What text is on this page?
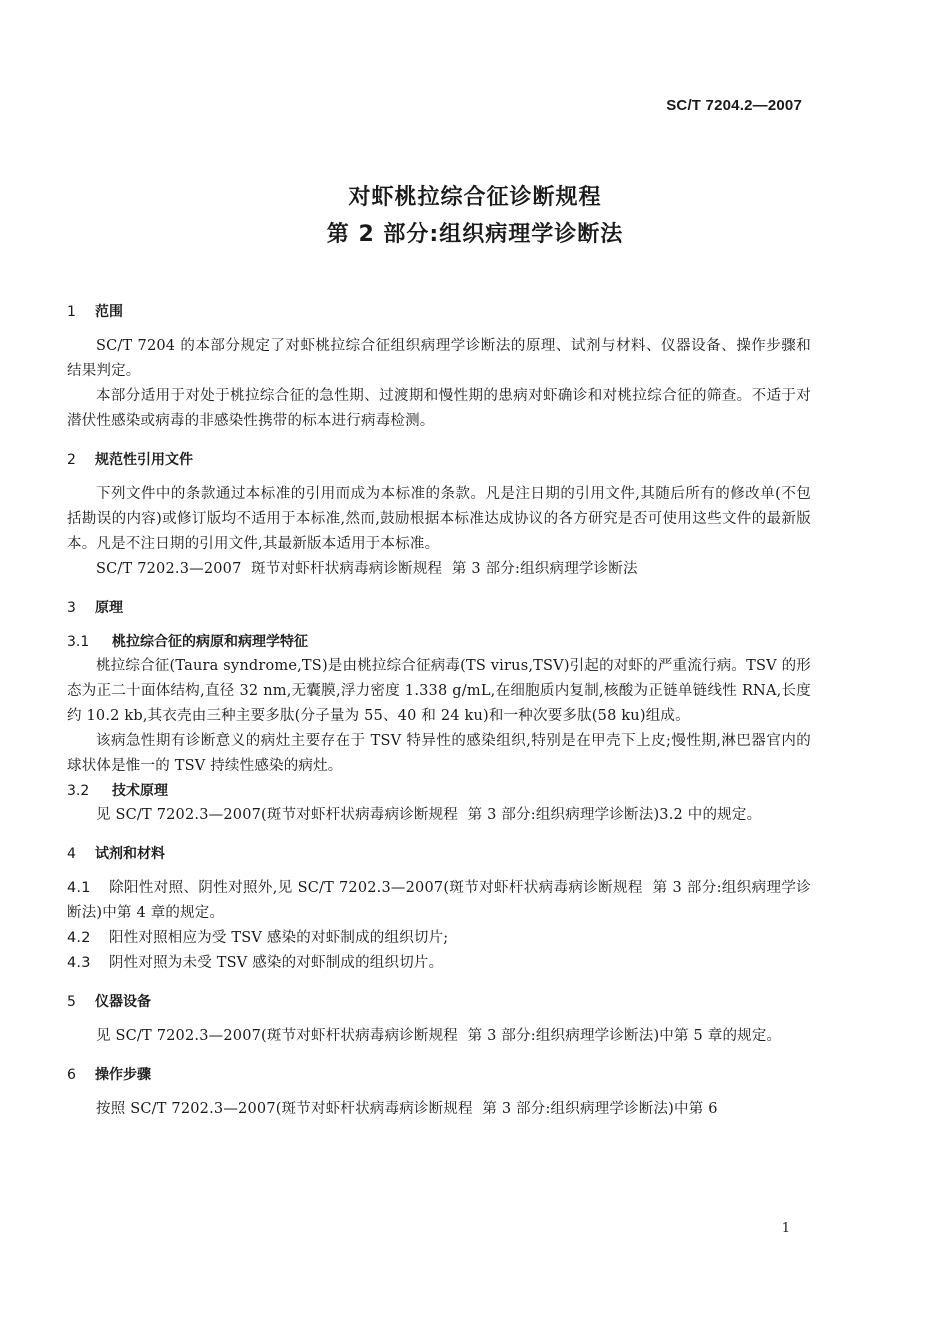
SC/T 7204.2—2007
对虾桃拉综合征诊断规程
第 2 部分:组织病理学诊断法
1 范围

SC/T 7204 的本部分规定了对虾桃拉综合征组织病理学诊断法的原理、试剂与材料、仪器设备、操作步骤和结果判定。

本部分适用于对处于桃拉综合征的急性期、过渡期和慢性期的患病对虾确诊和对桃拉综合征的筛查。不适于对潜伏性感染或病毒的非感染性携带的标本进行病毒检测。

2 规范性引用文件

下列文件中的条款通过本标准的引用而成为本标准的条款。凡是注日期的引用文件,其随后所有的修改单(不包括勘误的内容)或修订版均不适用于本标准,然而,鼓励根据本标准达成协议的各方研究是否可使用这些文件的最新版本。凡是不注日期的引用文件,其最新版本适用于本标准。

SC/T 7202.3—2007  斑节对虾杆状病毒病诊断规程  第 3 部分:组织病理学诊断法

3 原理
3.1 桃拉综合征的病原和病理学特征

桃拉综合征(Taura syndrome,TS)是由桃拉综合征病毒(TS virus,TSV)引起的对虾的严重流行病。TSV 的形态为正二十面体结构,直径 32 nm,无囊膜,浮力密度 1.338 g/mL,在细胞质内复制,核酸为正链单链线性 RNA,长度约 10.2 kb,其衣壳由三种主要多肽(分子量为 55、40 和 24 ku)和一种次要多肽(58 ku)组成。

该病急性期有诊断意义的病灶主要存在于 TSV 特异性的感染组织,特别是在甲壳下上皮;慢性期,淋巴器官内的球状体是惟一的 TSV 持续性感染的病灶。

3.2 技术原理

见 SC/T 7202.3—2007(斑节对虾杆状病毒病诊断规程  第 3 部分:组织病理学诊断法)3.2 中的规定。

4 试剂和材料

4.1 除阳性对照、阴性对照外,见 SC/T 7202.3—2007(斑节对虾杆状病毒病诊断规程  第 3 部分:组织病理学诊断法)中第 4 章的规定。

4.2 阳性对照相应为受 TSV 感染的对虾制成的组织切片;

4.3 阴性对照为未受 TSV 感染的对虾制成的组织切片。

5 仪器设备

见 SC/T 7202.3—2007(斑节对虾杆状病毒病诊断规程  第 3 部分:组织病理学诊断法)中第 5 章的规定。

6 操作步骤

按照 SC/T 7202.3—2007(斑节对虾杆状病毒病诊断规程  第 3 部分:组织病理学诊断法)中第 6

1
